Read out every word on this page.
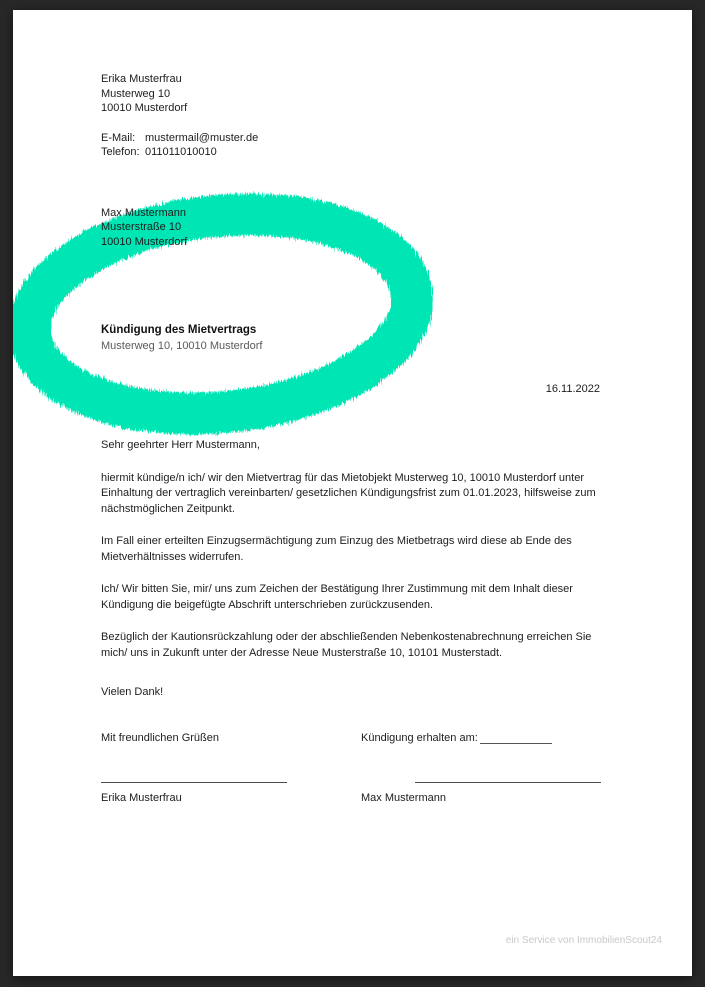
Erika Musterfrau
Musterweg 10
10010 Musterdorf
E-Mail: mustermail@muster.de
Telefon: 011011010010
Max Mustermann
Musterstraße 10
10010 Musterdorf
Kündigung des Mietvertrags
Musterweg 10, 10010 Musterdorf
16.11.2022
Sehr geehrter Herr Mustermann,
hiermit kündige/n ich/ wir den Mietvertrag für das Mietobjekt Musterweg 10, 10010 Musterdorf unter Einhaltung der vertraglich vereinbarten/ gesetzlichen Kündigungsfrist zum 01.01.2023, hilfsweise zum nächstmöglichen Zeitpunkt.
Im Fall einer erteilten Einzugsermächtigung zum Einzug des Mietbetrags wird diese ab Ende des Mietverhältnisses widerrufen.
Ich/ Wir bitten Sie, mir/ uns zum Zeichen der Bestätigung Ihrer Zustimmung mit dem Inhalt dieser Kündigung die beigefügte Abschrift unterschrieben zurückzusenden.
Bezüglich der Kautionsrückzahlung oder der abschließenden Nebenkostenabrechnung erreichen Sie mich/ uns in Zukunft unter der Adresse Neue Musterstraße 10, 10101 Musterstadt.
Vielen Dank!
Mit freundlichen Grüßen	Kündigung erhalten am:
Erika Musterfrau	Max Mustermann
ein Service von ImmobilienScout24
